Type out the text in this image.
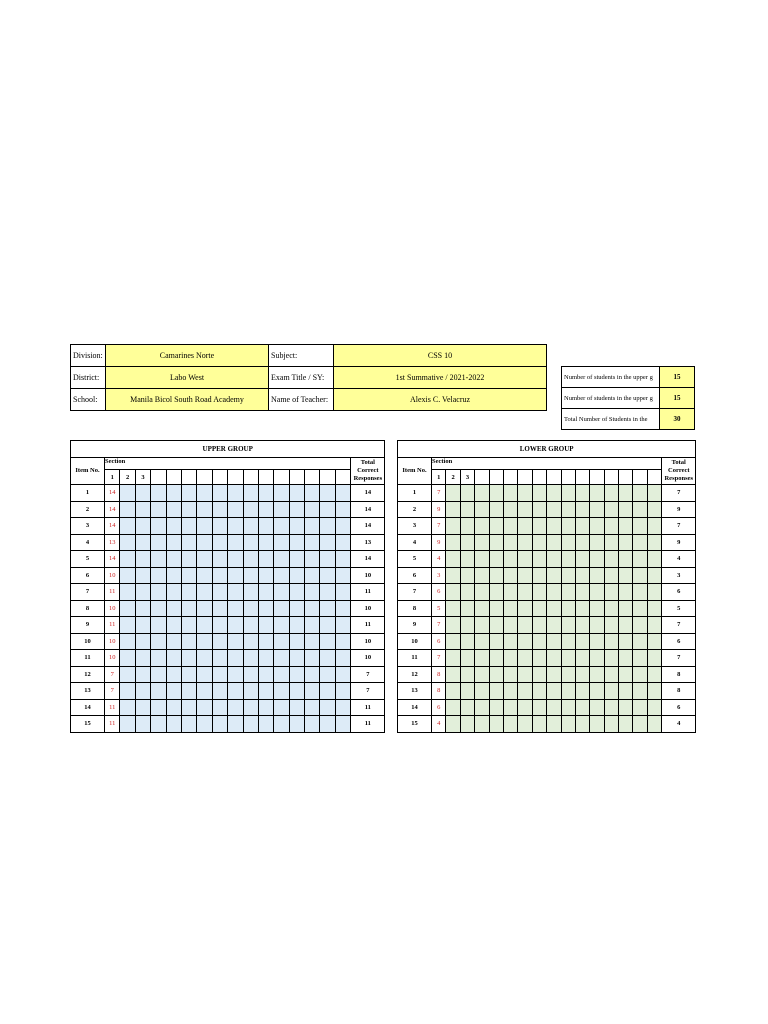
Division:	Camarines Norte	Subject:	CSS 10
District:	Labo West	Exam Title / SY:	1st Summative / 2021-2022
School:	Manila Bicol South Road Academy	Name of Teacher:	Alexis C. Velacruz
Number of students in the upper g	15
Number of students in the upper g	15
Total Number of Students in the	30
UPPER GROUP																	
Item No.	Section																Total
Correct
Responses
	1	2	3														
1	14																14
2	14																14
3	14																14
4	13																13
5	14																14
6	10																10
7	11																11
8	10																10
9	11																11
10	10																10
11	10																10
12	7																7
13	7																7
14	11																11
15	11																11
LOWER GROUP																	
Item No.	Section																Total
Correct
Responses
	1	2	3														
1	7																7
2	9																9
3	7																7
4	9																9
5	4																4
6	3																3
7	6																6
8	5																5
9	7																7
10	6																6
11	7																7
12	8																8
13	8																8
14	6																6
15	4																4
